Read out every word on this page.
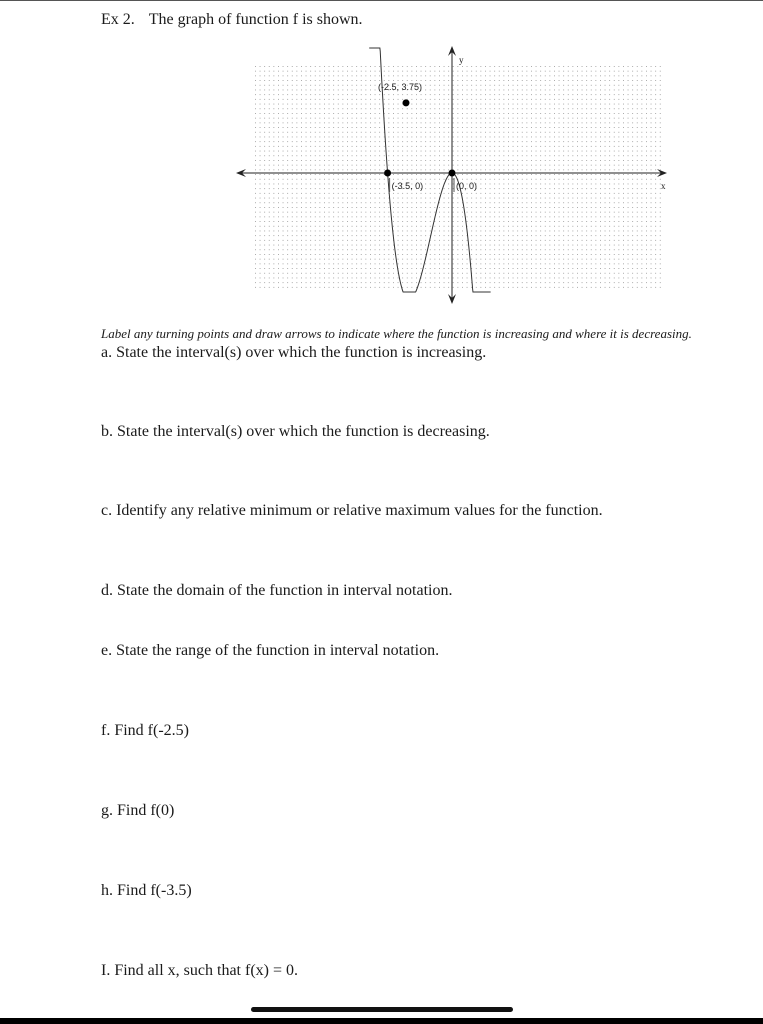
Ex 2. The graph of function f is shown.
x
y
(-2.5, 3.75)
(-3.5, 0)	(0, 0)
Label any turning points and draw arrows to indicate where the function is increasing and where it is decreasing.
a. State the interval(s) over which the function is increasing.
b. State the interval(s) over which the function is decreasing.
c. Identify any relative minimum or relative maximum values for the function.
d. State the domain of the function in interval notation.
e. State the range of the function in interval notation.
f. Find f(-2.5)
g. Find f(0)
h. Find f(-3.5)
I. Find all x, such that f(x) = 0.
